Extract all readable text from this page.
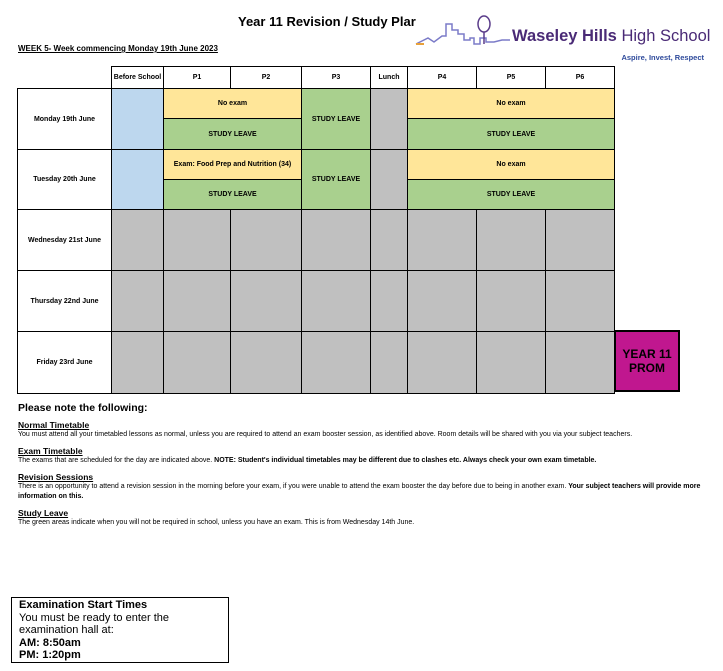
Year 11 Revision / Study Plar
Waseley Hills High School
Aspire, Invest, Respect
WEEK 5- Week commencing Monday 19th June 2023
	Before School	P1	P2	P3	Lunch	P4	P5	P6
Monday 19th June		No exam		STUDY LEAVE		No exam		
		STUDY LEAVE				STUDY LEAVE		
Tuesday 20th June		Exam: Food Prep and Nutrition (34)		STUDY LEAVE		No exam		
		STUDY LEAVE				STUDY LEAVE		
Wednesday 21st June								
Thursday 22nd June								
Friday 23rd June								
YEAR 11 PROM
Please note the following:
Normal Timetable
You must attend all your timetabled lessons as normal, unless you are required to attend an exam booster session, as identified above. Room details will be shared with you via your subject teachers.
Exam Timetable
The exams that are scheduled for the day are indicated above. NOTE: Student's individual timetables may be different due to clashes etc. Always check your own exam timetable.
Revision Sessions
There is an opportunity to attend a revision session in the morning before your exam, if you were unable to attend the exam booster the day before due to being in another exam. Your subject teachers will provide more information on this.
Study Leave
The green areas indicate when you will not be required in school, unless you have an exam. This is from Wednesday 14th June.
Examination Start Times
You must be ready to enter the examination hall at:
AM: 8:50am
PM: 1:20pm
